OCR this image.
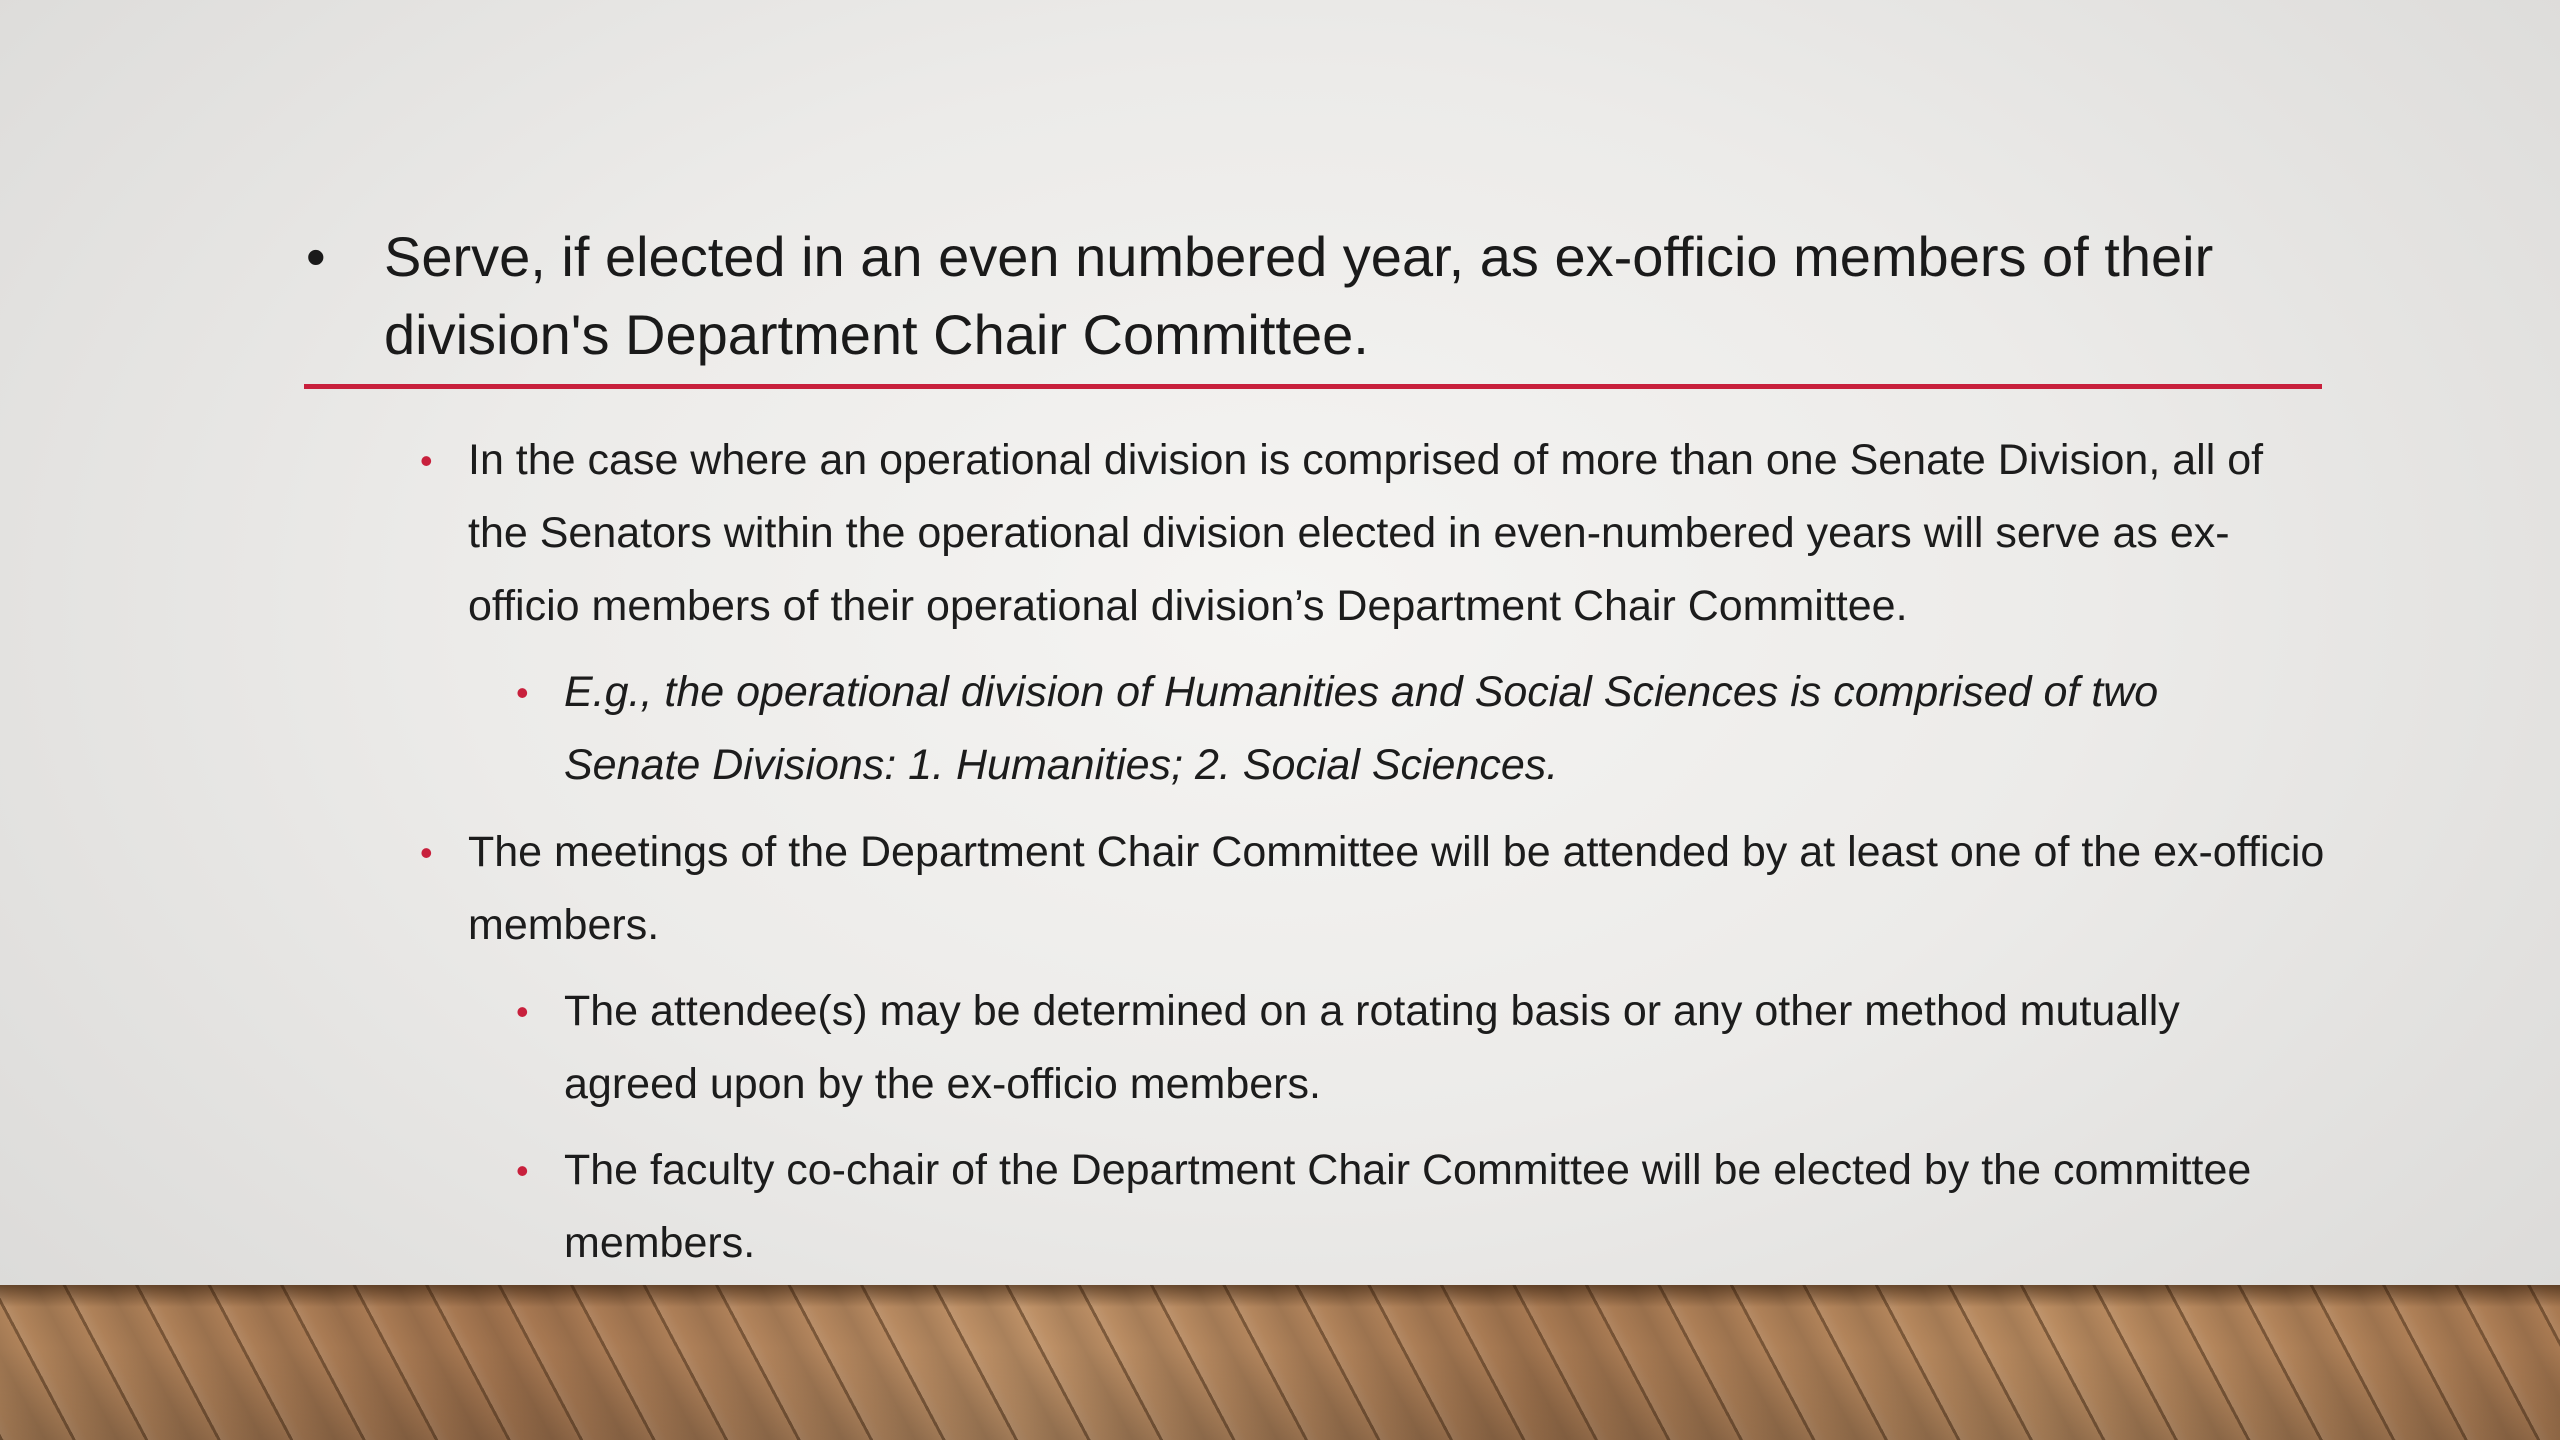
•	Serve, if elected in an even numbered year, as ex-officio members of their division's Department Chair Committee.
• In the case where an operational division is comprised of more than one Senate Division, all of the Senators within the operational division elected in even-numbered years will serve as ex-officio members of their operational division’s Department Chair Committee.
• E.g., the operational division of Humanities and Social Sciences is comprised of two Senate Divisions: 1. Humanities; 2. Social Sciences.
• The meetings of the Department Chair Committee will be attended by at least one of the ex-officio members.
• The attendee(s) may be determined on a rotating basis or any other method mutually agreed upon by the ex-officio members.
• The faculty co-chair of the Department Chair Committee will be elected by the committee members.
